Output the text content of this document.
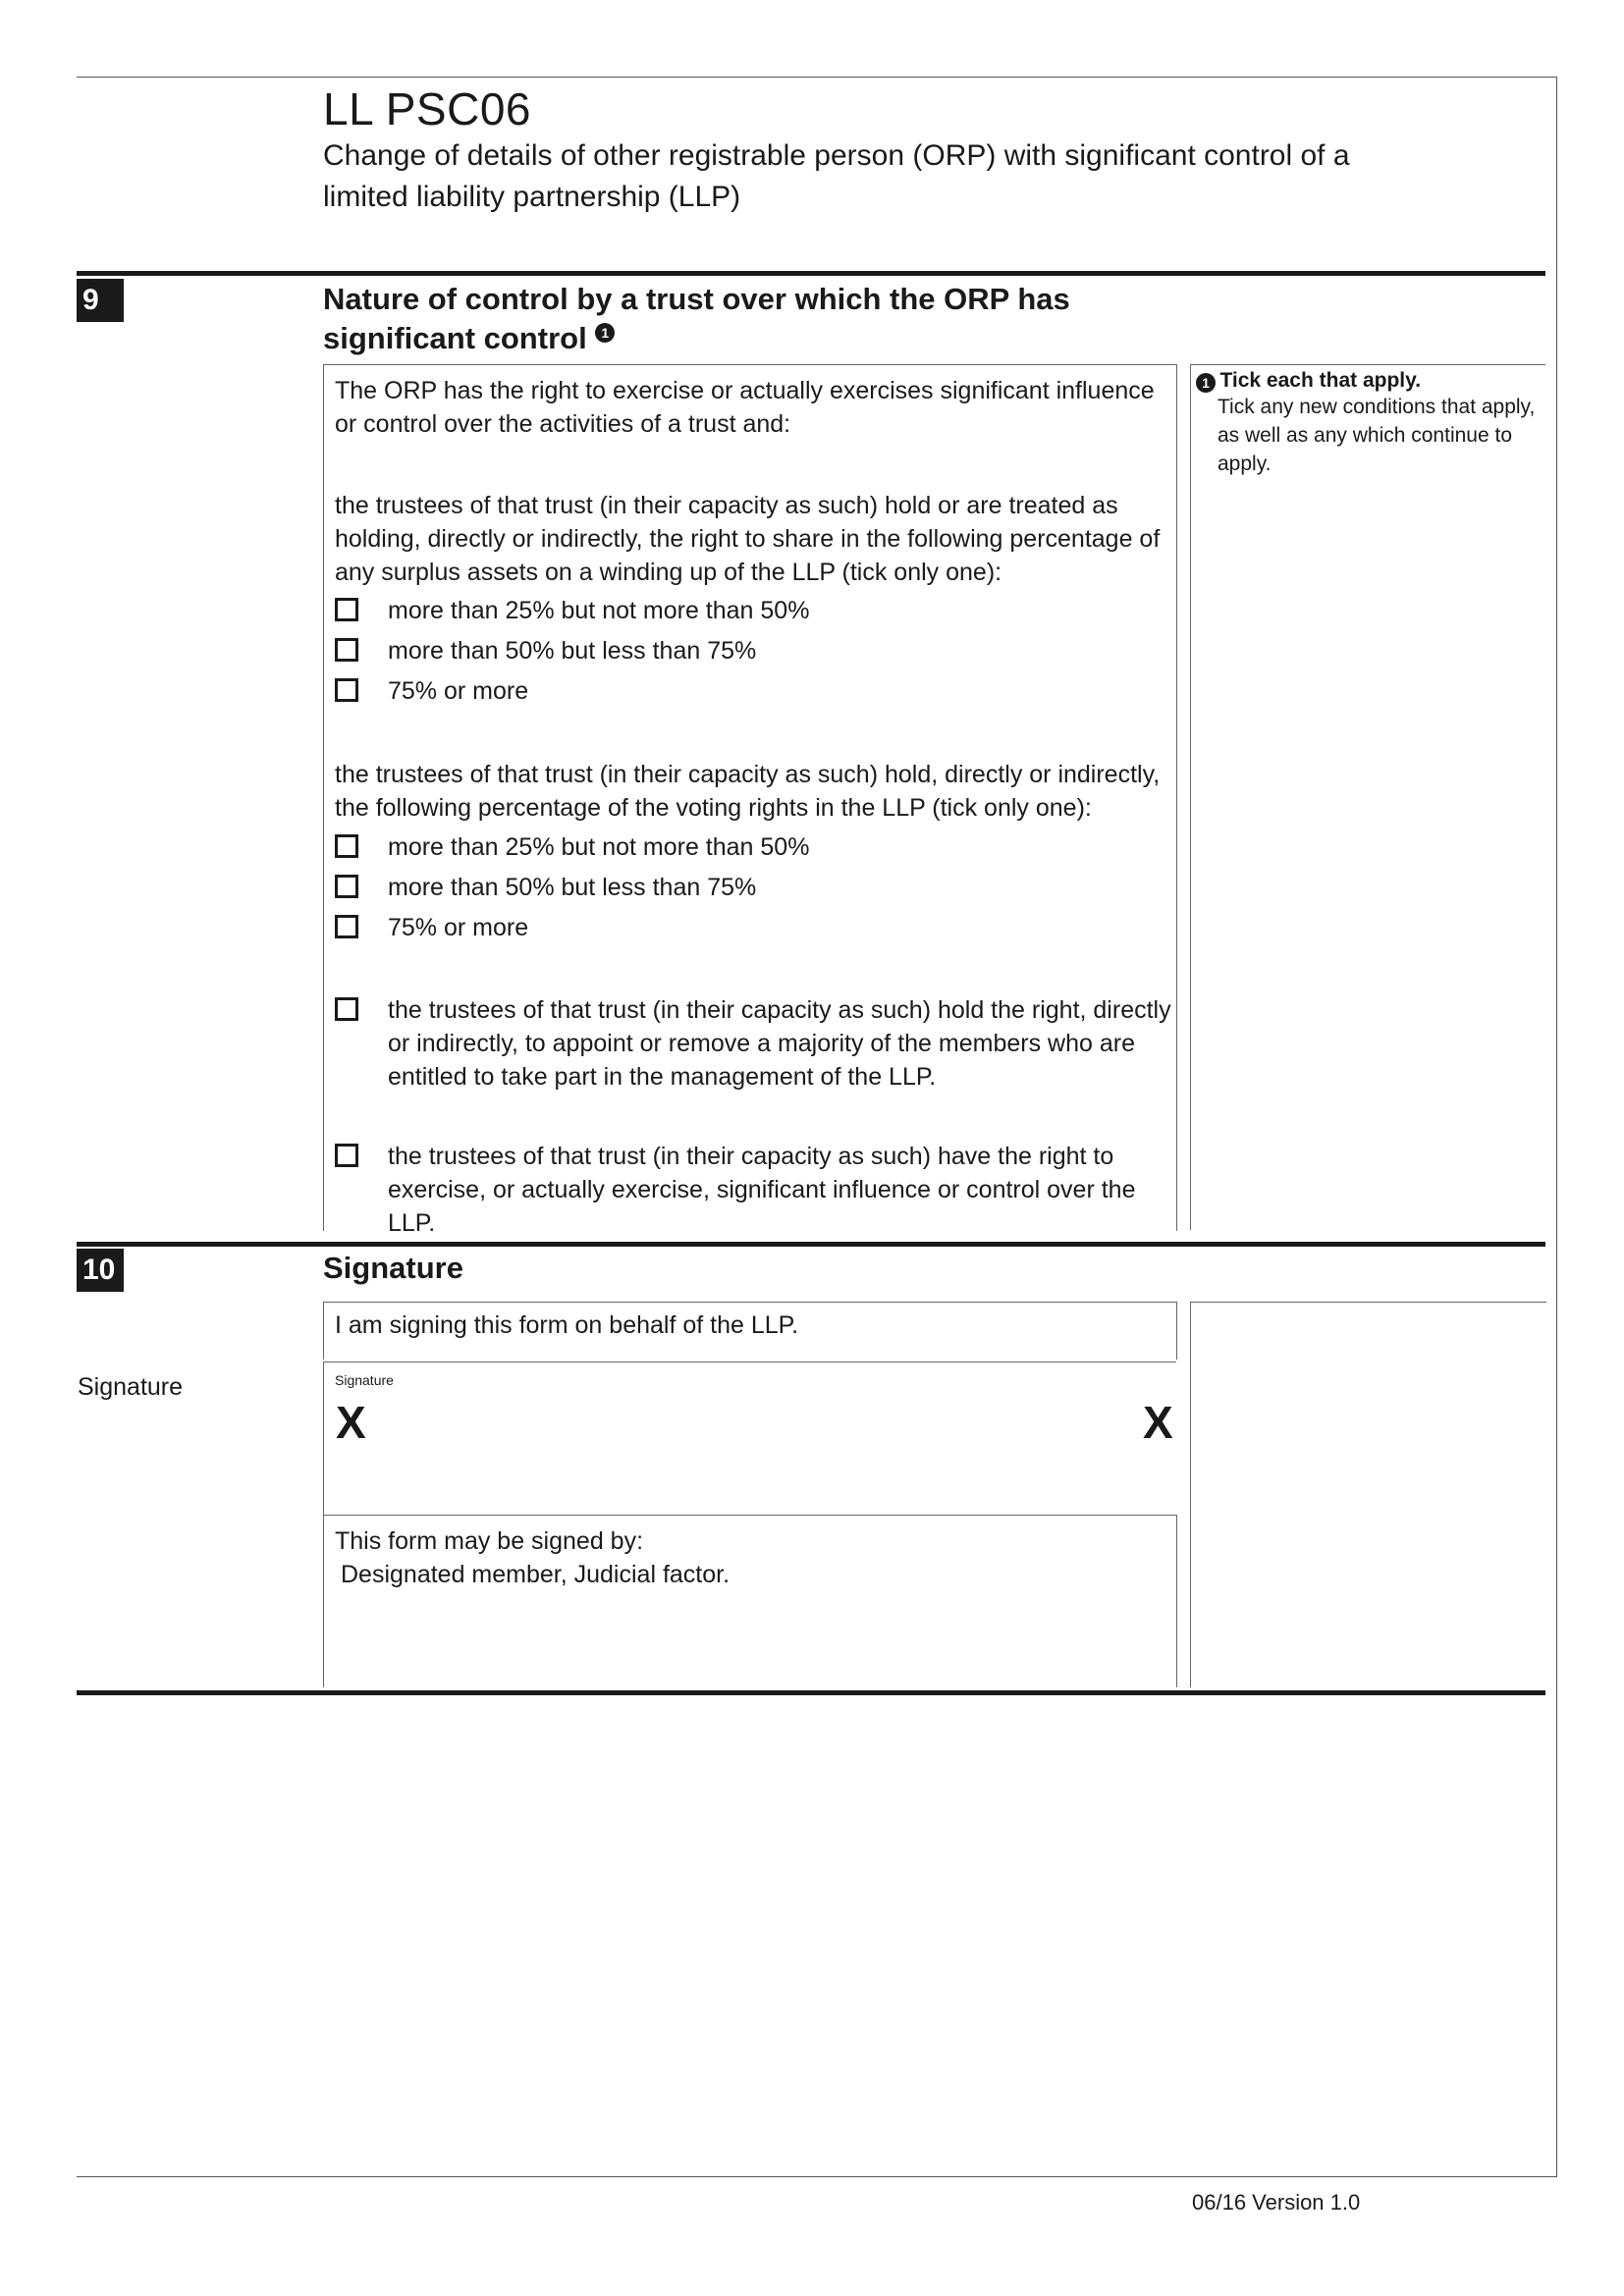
LL PSC06
Change of details of other registrable person (ORP) with significant control of a limited liability partnership (LLP)
9	Nature of control by a trust over which the ORP has significant control 1
The ORP has the right to exercise or actually exercises significant influence or control over the activities of a trust and:
the trustees of that trust (in their capacity as such) hold or are treated as holding, directly or indirectly, the right to share in the following percentage of any surplus assets on a winding up of the LLP (tick only one):
more than 25% but not more than 50%
more than 50% but less than 75%
75% or more
the trustees of that trust (in their capacity as such) hold, directly or indirectly, the following percentage of the voting rights in the LLP (tick only one):
more than 25% but not more than 50%
more than 50% but less than 75%
75% or more
the trustees of that trust (in their capacity as such) hold the right, directly or indirectly, to appoint or remove a majority of the members who are entitled to take part in the management of the LLP.
the trustees of that trust (in their capacity as such) have the right to exercise, or actually exercise, significant influence or control over the LLP.
1 Tick each that apply.
Tick any new conditions that apply, as well as any which continue to apply.
10	Signature
I am signing this form on behalf of the LLP.
Signature	Signature
X	X
This form may be signed by:
Designated member, Judicial factor.
06/16 Version 1.0
